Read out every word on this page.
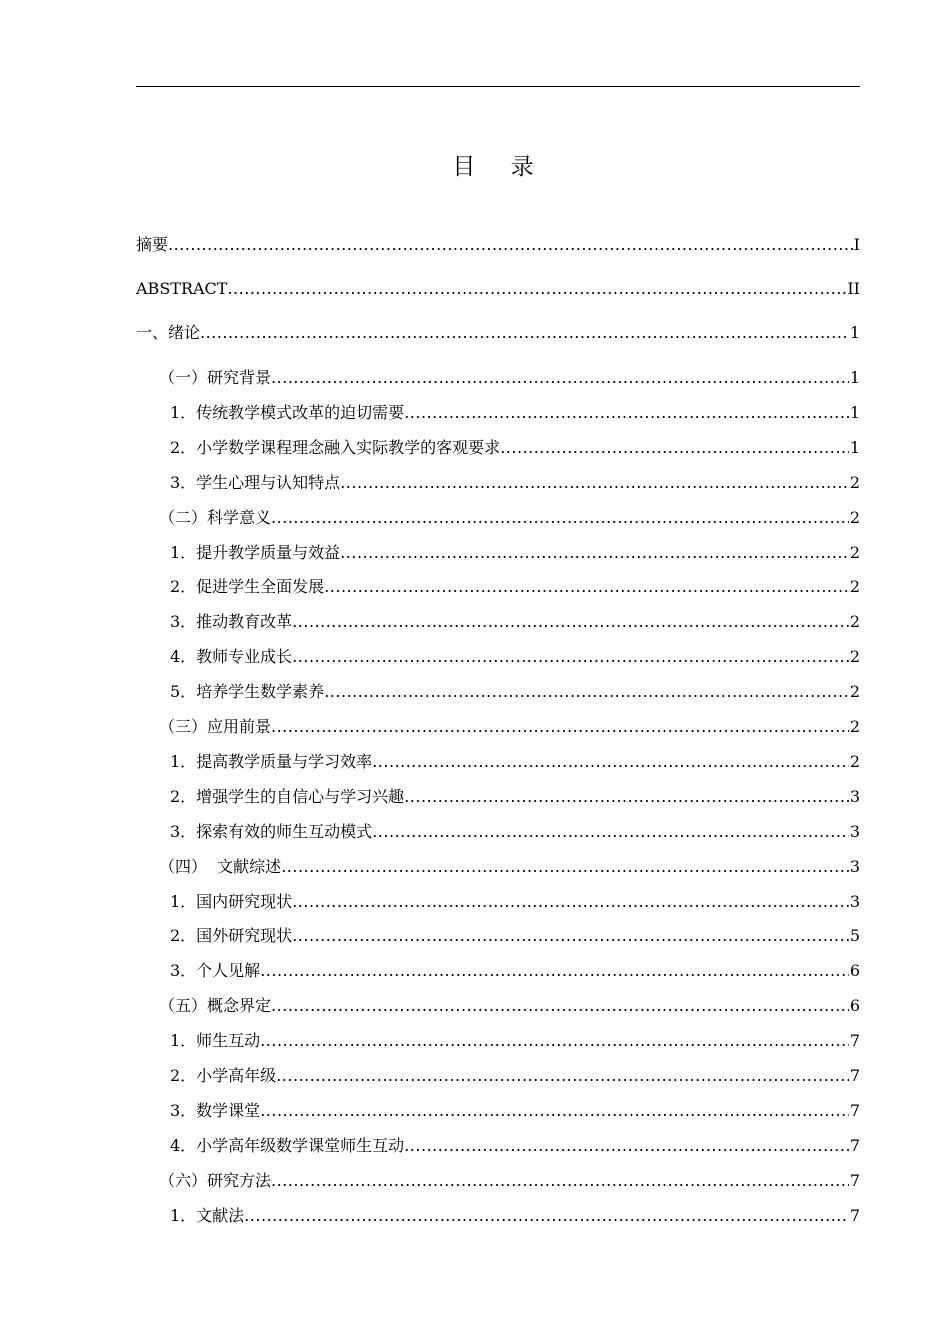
目 录
摘要 .....	I
ABSTRACT .....	II
一、绪论 .....	1
（一）研究背景 .....	1
1．传统教学模式改革的迫切需要 .....	1
2．小学数学课程理念融入实际教学的客观要求 .....	1
3．学生心理与认知特点 .....	2
（二）科学意义 .....	2
1．提升教学质量与效益 .....	2
2．促进学生全面发展 .....	2
3．推动教育改革 .....	2
4．教师专业成长 .....	2
5．培养学生数学素养 .....	2
（三）应用前景 .....	2
1．提高教学质量与学习效率 .....	2
2．增强学生的自信心与学习兴趣 .....	3
3．探索有效的师生互动模式 .....	3
（四）  文献综述 .....	3
1．国内研究现状 .....	3
2．国外研究现状 .....	5
3．个人见解 .....	6
（五）概念界定 .....	6
1．师生互动 .....	7
2．小学高年级 .....	7
3．数学课堂 .....	7
4．小学高年级数学课堂师生互动 .....	7
（六）研究方法 .....	7
1．文献法 .....	7
